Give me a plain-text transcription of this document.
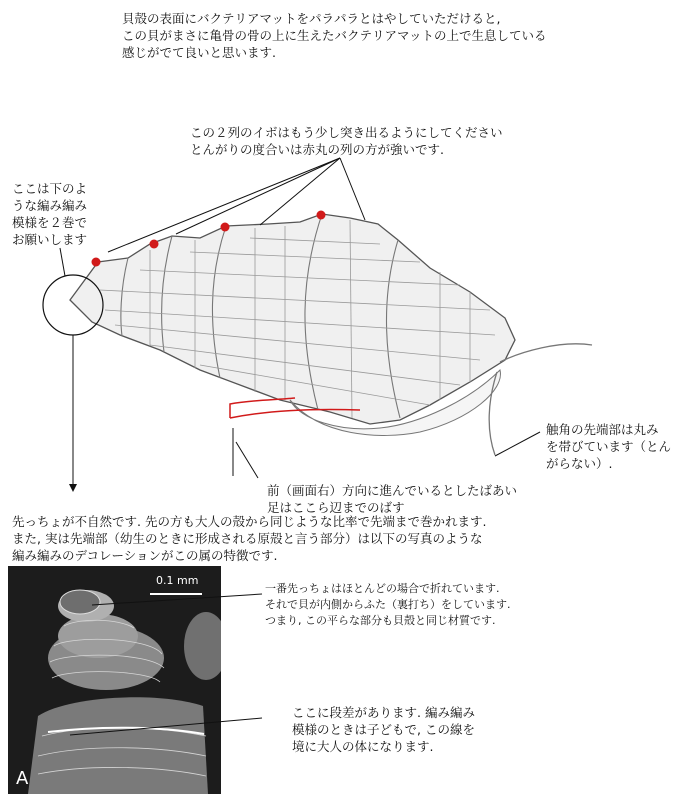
貝殻の表面にバクテリアマットをパラパラとはやしていただけると,
この貝がまさに亀骨の骨の上に生えたバクテリアマットの上で生息している
感じがでて良いと思います.

この２列のイボはもう少し突き出るようにしてください
とんがりの度合いは赤丸の列の方が強いです.

ここは下のよ
うな編み編み
模様を２巻で
お願いします

触角の先端部は丸み
を帯びています（とん
がらない）.

前（画面右）方向に進んでいるとしたばあい
足はここら辺までのばす

先っちょが不自然です. 先の方も大人の殻から同じような比率で先端まで巻かれます.
また, 実は先端部（幼生のときに形成される原殻と言う部分）は以下の写真のような
編み編みのデコレーションがこの属の特徴です.

0.1 mm
A

一番先っちょはほとんどの場合で折れています.
それで貝が内側からふた（裏打ち）をしています.
つまり, この平らな部分も貝殻と同じ材質です.

ここに段差があります. 編み編み
模様のときは子どもで, この線を
境に大人の体になります.
